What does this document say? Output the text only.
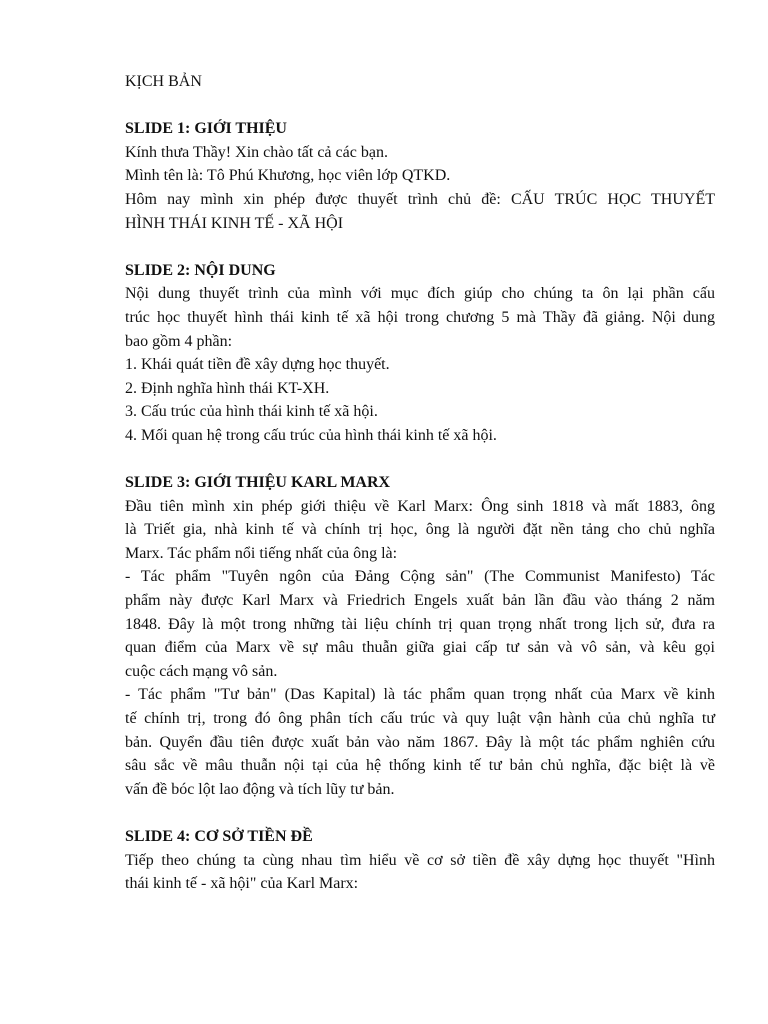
KỊCH BẢN
SLIDE 1: GIỚI THIỆU
Kính thưa Thầy! Xin chào tất cả các bạn.
Mình tên là: Tô Phú Khương, học viên lớp QTKD.
Hôm nay mình xin phép được thuyết trình chủ đề: CẤU TRÚC HỌC THUYẾT
HÌNH THÁI KINH TẾ - XÃ HỘI
SLIDE 2: NỘI DUNG
Nội dung thuyết trình của mình với mục đích giúp cho chúng ta ôn lại phần cấu
trúc học thuyết hình thái kinh tế xã hội trong chương 5 mà Thầy đã giảng. Nội dung
bao gồm 4 phần:
1. Khái quát tiền đề xây dựng học thuyết.
2. Định nghĩa hình thái KT-XH.
3. Cấu trúc của hình thái kinh tế xã hội.
4. Mối quan hệ trong cấu trúc của hình thái kinh tế xã hội.
SLIDE 3: GIỚI THIỆU KARL MARX
Đầu tiên mình xin phép giới thiệu về Karl Marx: Ông sinh 1818 và mất 1883, ông
là Triết gia, nhà kinh tế và chính trị học, ông là người đặt nền tảng cho chủ nghĩa
Marx. Tác phẩm nổi tiếng nhất của ông là:
- Tác phẩm "Tuyên ngôn của Đảng Cộng sản" (The Communist Manifesto) Tác
phẩm này được Karl Marx và Friedrich Engels xuất bản lần đầu vào tháng 2 năm
1848. Đây là một trong những tài liệu chính trị quan trọng nhất trong lịch sử, đưa ra
quan điểm của Marx về sự mâu thuẫn giữa giai cấp tư sản và vô sản, và kêu gọi
cuộc cách mạng vô sản.
- Tác phẩm "Tư bản" (Das Kapital) là tác phẩm quan trọng nhất của Marx về kinh
tế chính trị, trong đó ông phân tích cấu trúc và quy luật vận hành của chủ nghĩa tư
bản. Quyển đầu tiên được xuất bản vào năm 1867. Đây là một tác phẩm nghiên cứu
sâu sắc về mâu thuẫn nội tại của hệ thống kinh tế tư bản chủ nghĩa, đặc biệt là về
vấn đề bóc lột lao động và tích lũy tư bản.
SLIDE 4: CƠ SỞ TIỀN ĐỀ
Tiếp theo chúng ta cùng nhau tìm hiểu về cơ sở tiền đề xây dựng học thuyết "Hình
thái kinh tế - xã hội" của Karl Marx:
